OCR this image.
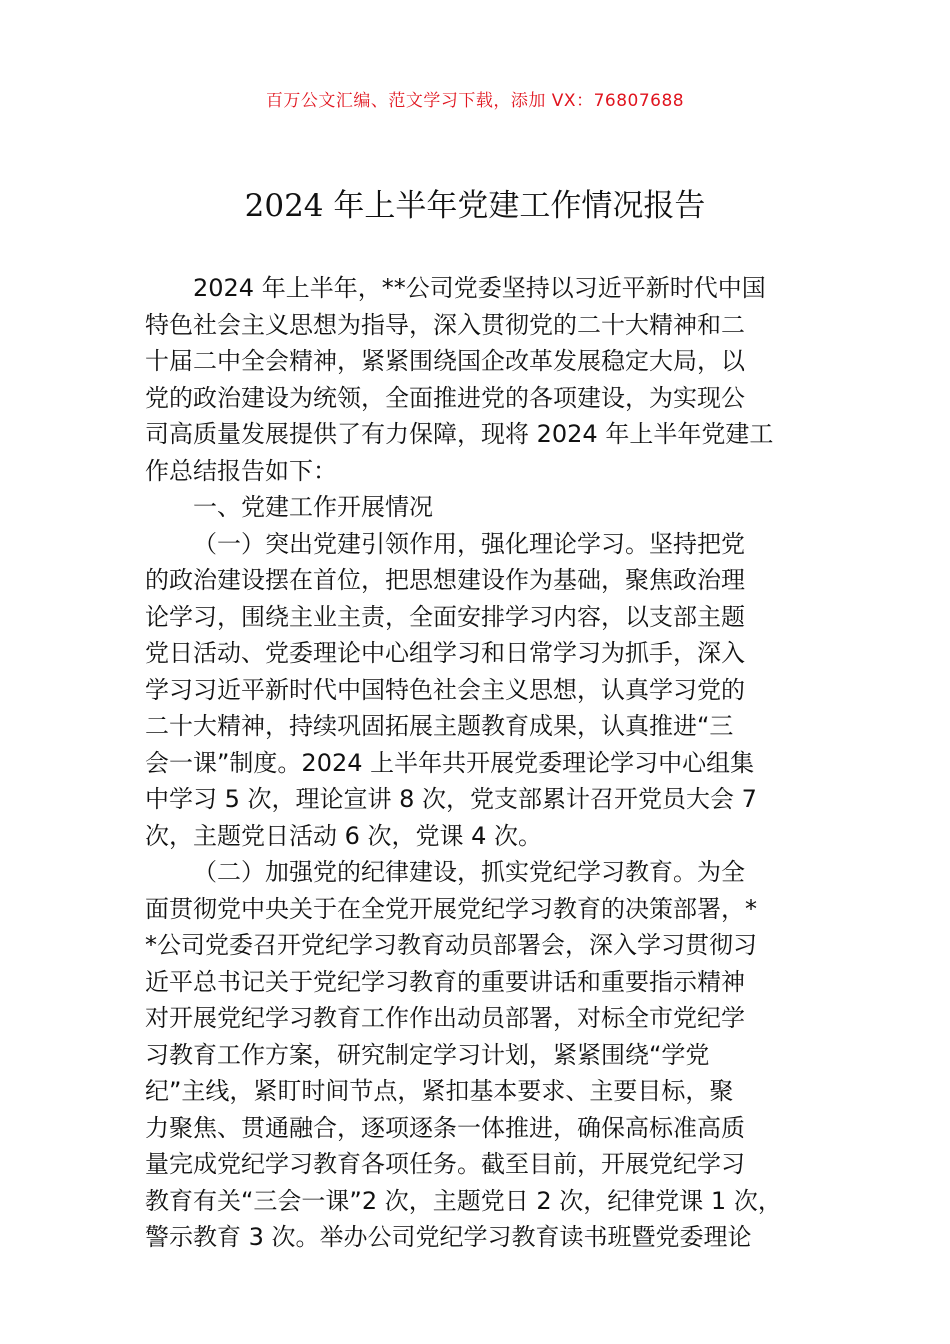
百万公文汇编、范文学习下载，添加 VX：76807688
2024 年上半年党建工作情况报告
2024 年上半年，**公司党委坚持以习近平新时代中国
特色社会主义思想为指导，深入贯彻党的二十大精神和二
十届二中全会精神，紧紧围绕国企改革发展稳定大局，以
党的政治建设为统领，全面推进党的各项建设，为实现公
司高质量发展提供了有力保障，现将 2024 年上半年党建工
作总结报告如下：
一、党建工作开展情况
（一）突出党建引领作用，强化理论学习。坚持把党
的政治建设摆在首位，把思想建设作为基础，聚焦政治理
论学习，围绕主业主责，全面安排学习内容，以支部主题
党日活动、党委理论中心组学习和日常学习为抓手，深入
学习习近平新时代中国特色社会主义思想，认真学习党的
二十大精神，持续巩固拓展主题教育成果，认真推进“三
会一课”制度。2024 上半年共开展党委理论学习中心组集
中学习 5 次，理论宣讲 8 次，党支部累计召开党员大会 7
次，主题党日活动 6 次，党课 4 次。
（二）加强党的纪律建设，抓实党纪学习教育。为全
面贯彻党中央关于在全党开展党纪学习教育的决策部署，*
*公司党委召开党纪学习教育动员部署会，深入学习贯彻习
近平总书记关于党纪学习教育的重要讲话和重要指示精神
对开展党纪学习教育工作作出动员部署，对标全市党纪学
习教育工作方案，研究制定学习计划，紧紧围绕“学党
纪”主线，紧盯时间节点，紧扣基本要求、主要目标，聚
力聚焦、贯通融合，逐项逐条一体推进，确保高标准高质
量完成党纪学习教育各项任务。截至目前，开展党纪学习
教育有关“三会一课”2 次，主题党日 2 次，纪律党课 1 次，
警示教育 3 次。举办公司党纪学习教育读书班暨党委理论
